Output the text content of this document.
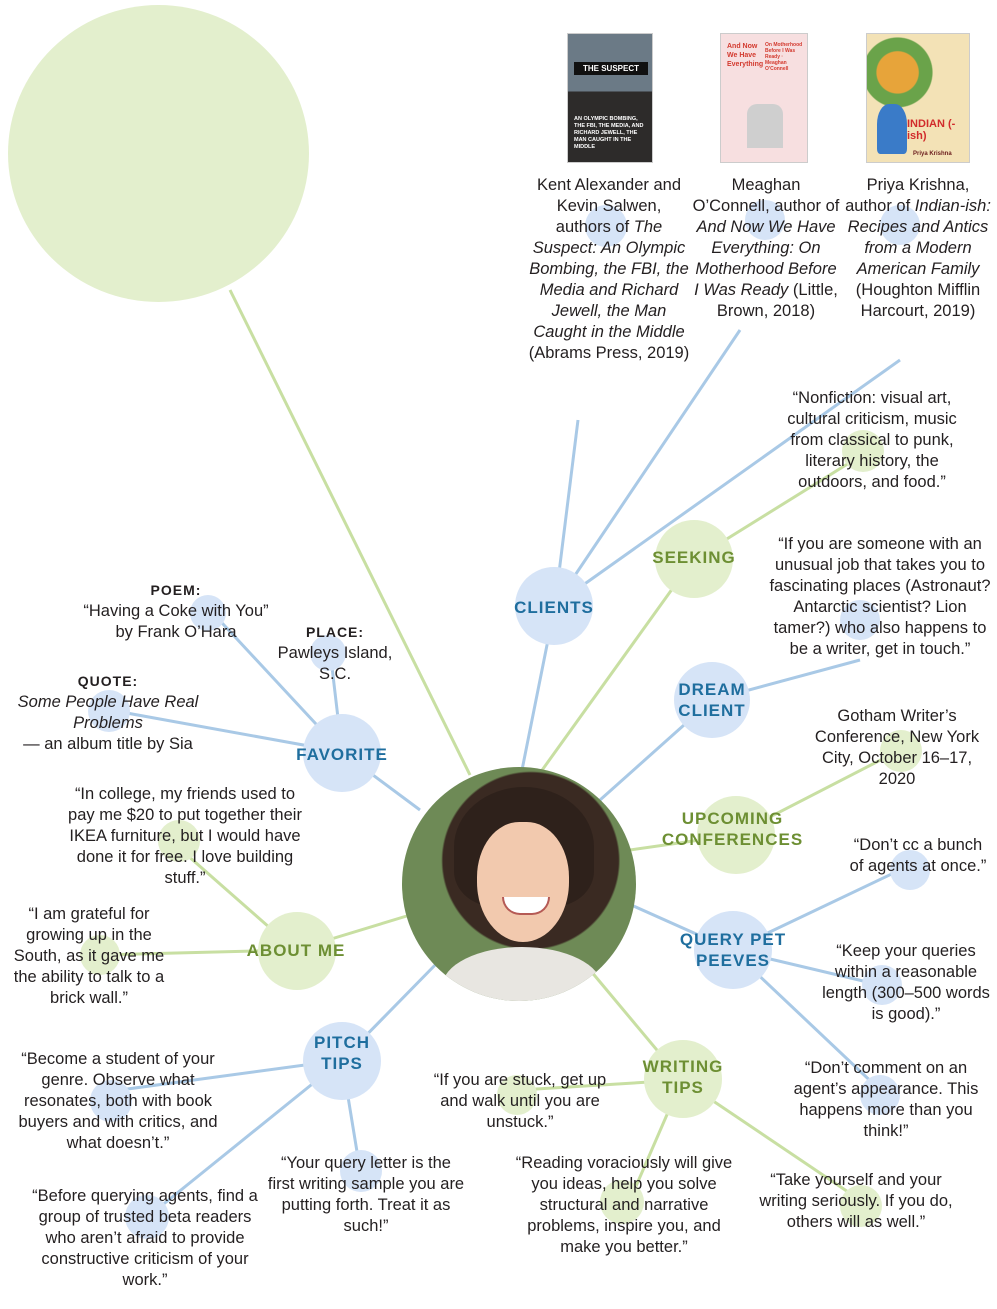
CLIENTS
SEEKING
DREAM
CLIENT
UPCOMING
CONFERENCES
QUERY PET
PEEVES
WRITING
TIPS
PITCH
TIPS
ABOUT ME
FAVORITE
THE SUSPECT
AN OLYMPIC BOMBING, THE FBI, THE MEDIA, AND RICHARD JEWELL, THE MAN CAUGHT IN THE MIDDLE
And Now We Have Everything
On Motherhood Before I Was Ready · Meaghan O'Connell
INDIAN (-ish)
Priya Krishna
Kent Alexander and Kevin Salwen, authors of The Suspect: An Olympic Bombing, the FBI, the Media and Richard Jewell, the Man Caught in the Middle (Abrams Press, 2019)
Meaghan O’Connell, author of And Now We Have Everything: On Motherhood Before I Was Ready (Little, Brown, 2018)
Priya Krishna, author of Indian-ish: Recipes and Antics from a Modern American Family (Houghton Mifflin Harcourt, 2019)
“Nonfiction: visual art, cultural criticism, music from classical to punk, literary history, the outdoors, and food.”
“If you are someone with an unusual job that takes you to fascinating places (Astronaut? Antarctic scientist? Lion tamer?) who also happens to be a writer, get in touch.”
Gotham Writer’s Conference, New York City, October 16–17, 2020
“Don’t cc a bunch of agents at once.”
“Keep your queries within a reasonable length (300–500 words is good).”
“Don’t comment on an agent’s appearance. This happens more than you think!”
“If you are stuck, get up and walk until you are unstuck.”
“Reading voraciously will give you ideas, help you solve structural and narrative problems, inspire you, and make you better.”
“Take yourself and your writing seriously. If you do, others will as well.”
“Your query letter is the first writing sample you are putting forth. Treat it as such!”
“Become a student of your genre. Observe what resonates, both with book buyers and with critics, and what doesn’t.”
“Before querying agents, find a group of trusted beta readers who aren’t afraid to provide constructive criticism of your work.”
“In college, my friends used to pay me $20 to put together their IKEA furniture, but I would have done it for free. I love building stuff.”
“I am grateful for growing up in the South, as it gave me the ability to talk to a brick wall.”
POEM:
“Having a Coke with You” by Frank O’Hara	PLACE:
Pawleys Island, S.C.
QUOTE:
Some People Have Real Problems
— an album title by Sia
